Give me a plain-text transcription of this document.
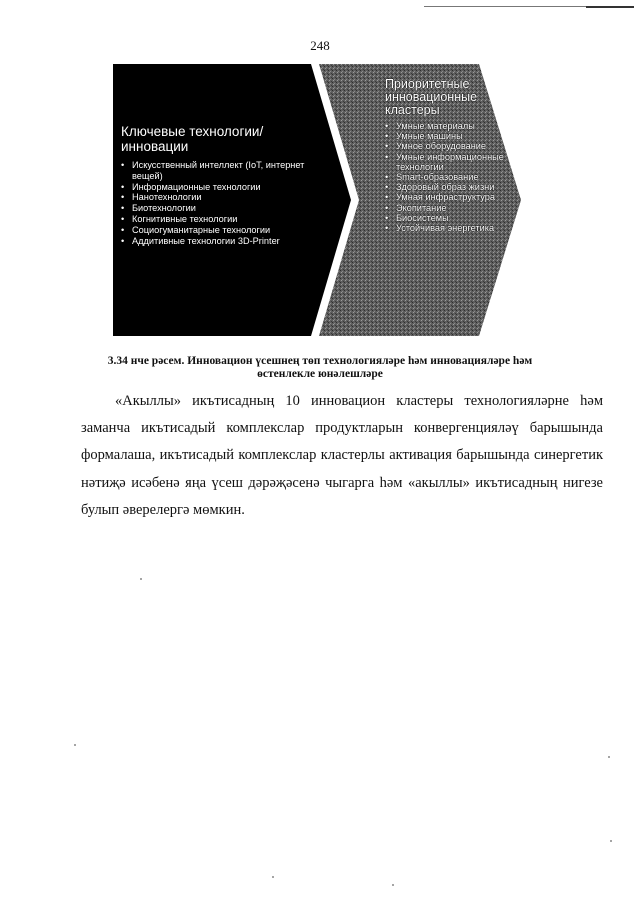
248
Ключевые технологии/инновации
• Искусственный интеллект (IoT, интернет вещей)
• Информационные технологии
• Нанотехнологии
• Биотехнологии
• Когнитивные технологии
• Социогуманитарные технологии
• Аддитивные технологии 3D-Printer
Приоритетные инновационные кластеры
• Умные материалы
• Умные машины
• Умное оборудование
• Умные информационные технологии
• Smart-образование
• Здоровый образ жизни
• Умная инфраструктура
• Экопитание
• Биосистемы
• Устойчивая энергетика
3.34 нче рәсем. Инновацион үсешнең төп технологияләре һәм инновацияләре һәм өстенлекле юнәлешләре
«Акыллы» икътисадның 10 инновацион кластеры технологияләрне һәм заманча икътисадый комплекслар продуктларын конвергенцияләү барышында формалаша, икътисадый комплекслар кластерлы активация барышында синергетик нәтиҗә исәбенә яңа үсеш дәрәҗәсенә чыгарга һәм «акыллы» икътисадның нигезе булып әверелергә мөмкин.
